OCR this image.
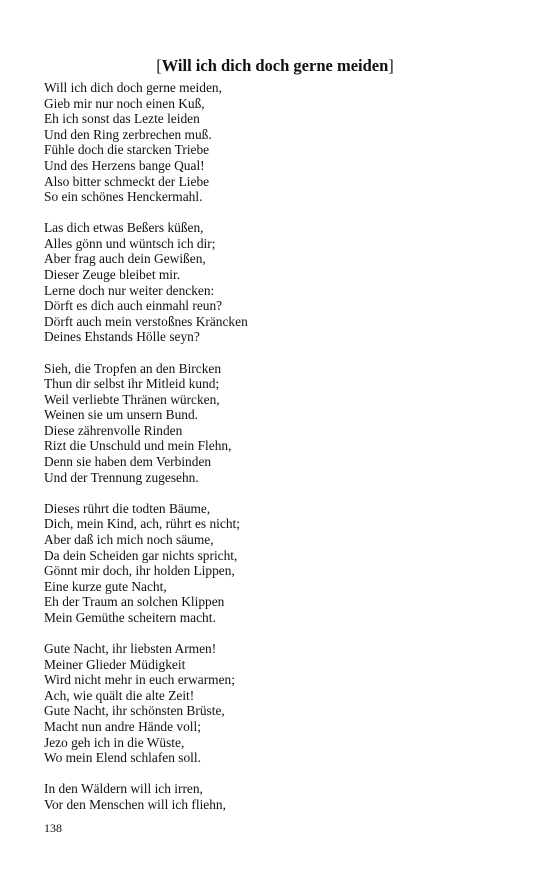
[Will ich dich doch gerne meiden]
Will ich dich doch gerne meiden,
Gieb mir nur noch einen Kuß,
Eh ich sonst das Lezte leiden
Und den Ring zerbrechen muß.
Fühle doch die starcken Triebe
Und des Herzens bange Qual!
Also bitter schmeckt der Liebe
So ein schönes Henckermahl.
Las dich etwas Beßers küßen,
Alles gönn und wüntsch ich dir;
Aber frag auch dein Gewißen,
Dieser Zeuge bleibet mir.
Lerne doch nur weiter dencken:
Dörft es dich auch einmahl reun?
Dörft auch mein verstoßnes Kräncken
Deines Ehstands Hölle seyn?
Sieh, die Tropfen an den Bircken
Thun dir selbst ihr Mitleid kund;
Weil verliebte Thränen würcken,
Weinen sie um unsern Bund.
Diese zährenvolle Rinden
Rizt die Unschuld und mein Flehn,
Denn sie haben dem Verbinden
Und der Trennung zugesehn.
Dieses rührt die todten Bäume,
Dich, mein Kind, ach, rührt es nicht;
Aber daß ich mich noch säume,
Da dein Scheiden gar nichts spricht,
Gönnt mir doch, ihr holden Lippen,
Eine kurze gute Nacht,
Eh der Traum an solchen Klippen
Mein Gemüthe scheitern macht.
Gute Nacht, ihr liebsten Armen!
Meiner Glieder Müdigkeit
Wird nicht mehr in euch erwarmen;
Ach, wie quält die alte Zeit!
Gute Nacht, ihr schönsten Brüste,
Macht nun andre Hände voll;
Jezo geh ich in die Wüste,
Wo mein Elend schlafen soll.
In den Wäldern will ich irren,
Vor den Menschen will ich fliehn,
138
